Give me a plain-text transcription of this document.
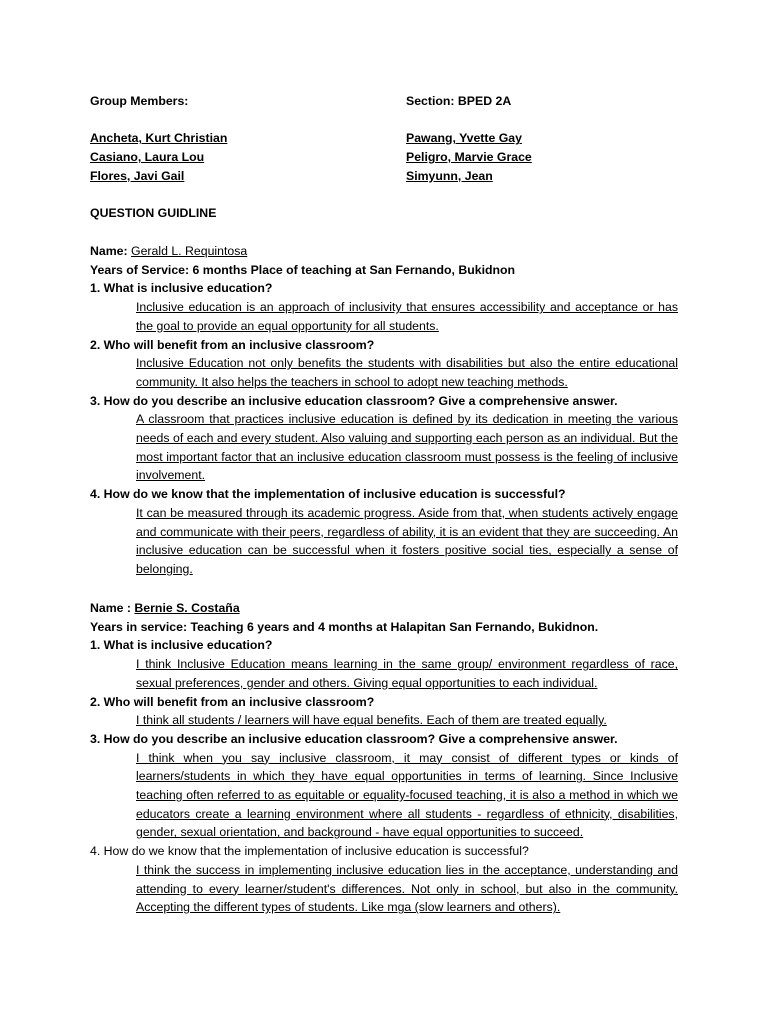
Group Members:	Section: BPED 2A
Ancheta, Kurt Christian	Pawang, Yvette Gay
Casiano, Laura Lou	Peligro, Marvie Grace
Flores, Javi Gail	Simyunn, Jean

QUESTION GUIDLINE

Name: Gerald L. Requintosa

Years of Service: 6 months Place of teaching at San Fernando, Bukidnon

1. What is inclusive education?

Inclusive education is an approach of inclusivity that ensures accessibility and acceptance or has the goal to provide an equal opportunity for all students.

2. Who will benefit from an inclusive classroom?

Inclusive Education not only benefits the students with disabilities but also the entire educational community. It also helps the teachers in school to adopt new teaching methods.

3. How do you describe an inclusive education classroom? Give a comprehensive answer.

A classroom that practices inclusive education is defined by its dedication in meeting the various needs of each and every student. Also valuing and supporting each person as an individual. But the most important factor that an inclusive education classroom must possess is the feeling of inclusive involvement.

4. How do we know that the implementation of inclusive education is successful?

It can be measured through its academic progress. Aside from that, when students actively engage and communicate with their peers, regardless of ability, it is an evident that they are succeeding. An inclusive education can be successful when it fosters positive social ties, especially a sense of belonging.

Name : Bernie S. Costaña

Years in service: Teaching 6 years and 4 months at Halapitan San Fernando, Bukidnon.

1. What is inclusive education?

I think Inclusive Education means learning in the same group/ environment regardless of race, sexual preferences, gender and others. Giving equal opportunities to each individual.

2. Who will benefit from an inclusive classroom?

I think all students / learners will have equal benefits. Each of them are treated equally.

3. How do you describe an inclusive education classroom? Give a comprehensive answer.

I think when you say inclusive classroom, it may consist of different types or kinds of learners/students in which they have equal opportunities in terms of learning. Since Inclusive teaching often referred to as equitable or equality-focused teaching, it is also a method in which we educators create a learning environment where all students - regardless of ethnicity, disabilities, gender, sexual orientation, and background - have equal opportunities to succeed.

4. How do we know that the implementation of inclusive education is successful?

I think the success in implementing inclusive education lies in the acceptance, understanding and attending to every learner/student's differences. Not only in school, but also in the community. Accepting the different types of students. Like mga (slow learners and others).
